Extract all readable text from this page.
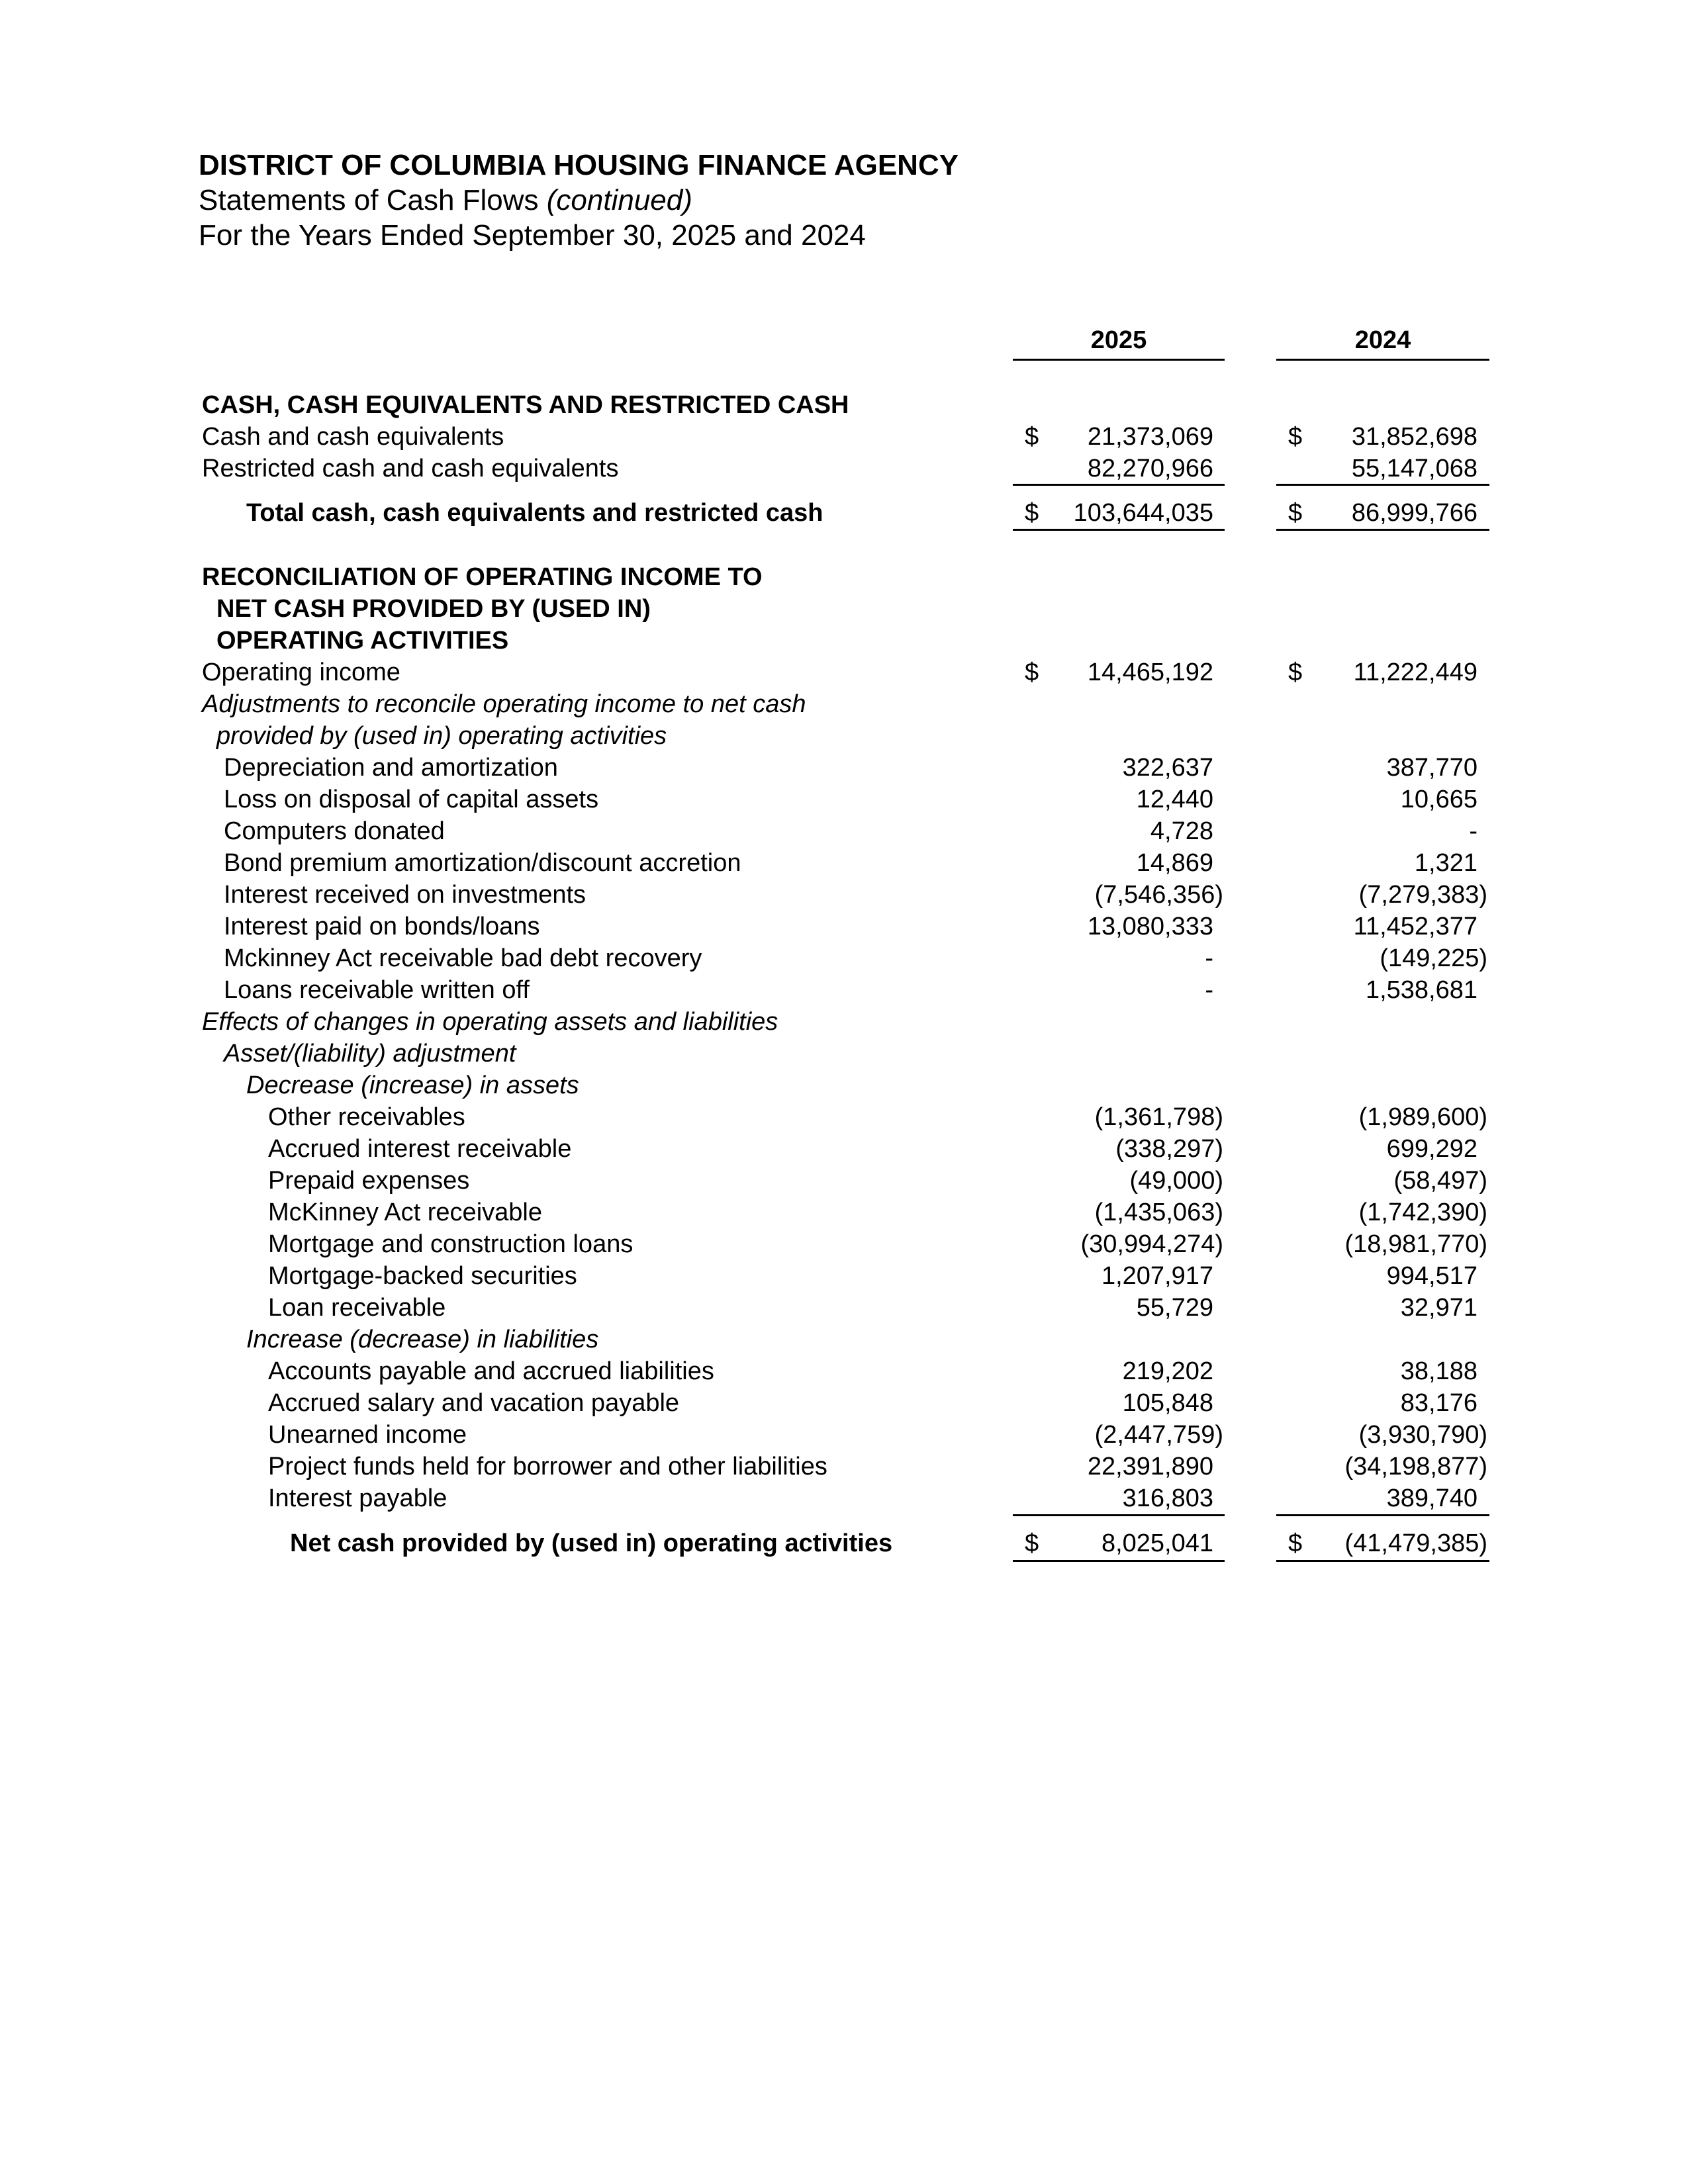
DISTRICT OF COLUMBIA HOUSING FINANCE AGENCY
Statements of Cash Flows (continued)
For the Years Ended September 30, 2025 and 2024
2025	2024
CASH, CASH EQUIVALENTS AND RESTRICTED CASH
Cash and cash equivalents	$ 21,373,069	$ 31,852,698
Restricted cash and cash equivalents	82,270,966	55,147,068
Total cash, cash equivalents and restricted cash	$ 103,644,035	$ 86,999,766
RECONCILIATION OF OPERATING INCOME TO
NET CASH PROVIDED BY (USED IN)
OPERATING ACTIVITIES
Operating income	$ 14,465,192	$ 11,222,449
Adjustments to reconcile operating income to net cash
provided by (used in) operating activities
Depreciation and amortization	322,637	387,770
Loss on disposal of capital assets	12,440	10,665
Computers donated	4,728	-
Bond premium amortization/discount accretion	14,869	1,321
Interest received on investments	(7,546,356)	(7,279,383)
Interest paid on bonds/loans	13,080,333	11,452,377
Mckinney Act receivable bad debt recovery	-	(149,225)
Loans receivable written off	-	1,538,681
Effects of changes in operating assets and liabilities
Asset/(liability) adjustment
Decrease (increase) in assets
Other receivables	(1,361,798)	(1,989,600)
Accrued interest receivable	(338,297)	699,292
Prepaid expenses	(49,000)	(58,497)
McKinney Act receivable	(1,435,063)	(1,742,390)
Mortgage and construction loans	(30,994,274)	(18,981,770)
Mortgage-backed securities	1,207,917	994,517
Loan receivable	55,729	32,971
Increase (decrease) in liabilities
Accounts payable and accrued liabilities	219,202	38,188
Accrued salary and vacation payable	105,848	83,176
Unearned income	(2,447,759)	(3,930,790)
Project funds held for borrower and other liabilities	22,391,890	(34,198,877)
Interest payable	316,803	389,740
Net cash provided by (used in) operating activities	$ 8,025,041	$ (41,479,385)
